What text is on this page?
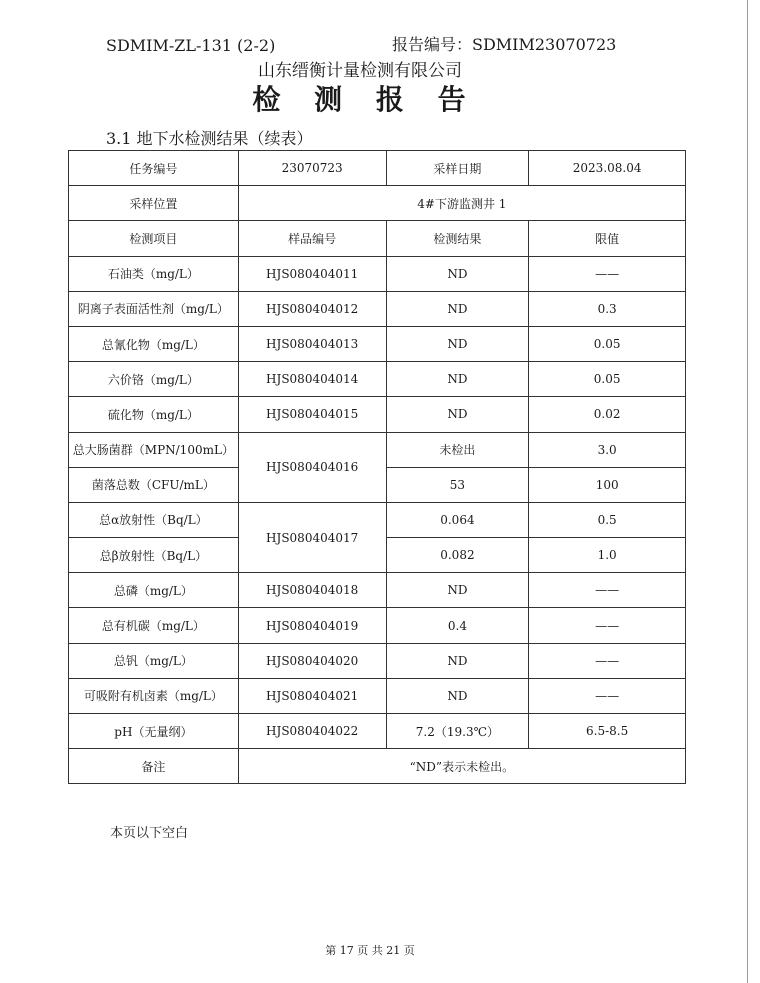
SDMIM-ZL-131 (2-2)	报告编号：SDMIM23070723
山东缙衡计量检测有限公司
检 测 报 告
3.1 地下水检测结果（续表）
任务编号	23070723	采样日期	2023.08.04
采样位置	4#下游监测井 1		
检测项目	样品编号	检测结果	限值
石油类（mg/L）	HJS080404011	ND	——
阴离子表面活性剂（mg/L）	HJS080404012	ND	0.3
总氰化物（mg/L）	HJS080404013	ND	0.05
六价铬（mg/L）	HJS080404014	ND	0.05
硫化物（mg/L）	HJS080404015	ND	0.02
总大肠菌群（MPN/100mL）	HJS080404016	未检出	3.0
菌落总数（CFU/mL）		53	100
总α放射性（Bq/L）	HJS080404017	0.064	0.5
总β放射性（Bq/L）		0.082	1.0
总磷（mg/L）	HJS080404018	ND	——
总有机碳（mg/L）	HJS080404019	0.4	——
总钒（mg/L）	HJS080404020	ND	——
可吸附有机卤素（mg/L）	HJS080404021	ND	——
pH（无量纲）	HJS080404022	7.2（19.3℃）	6.5-8.5
备注	“ND”表示未检出。		
本页以下空白
第 17 页 共 21 页
